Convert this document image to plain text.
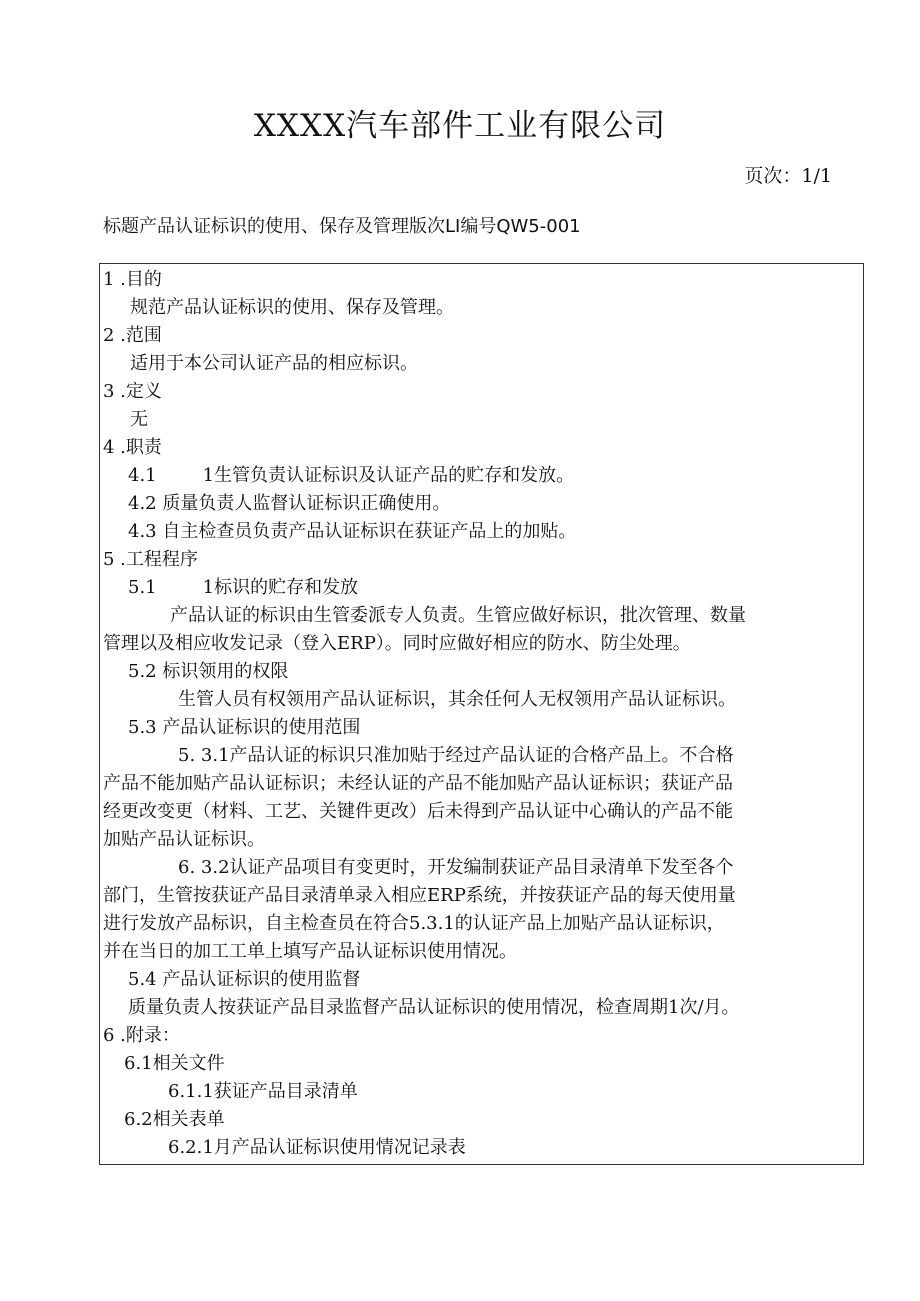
XXXX汽车部件工业有限公司
页次：1/1
标题产品认证标识的使用、保存及管理版次LI编号QW5-001
1 .目的
规范产品认证标识的使用、保存及管理。
2 .范围
适用于本公司认证产品的相应标识。
3 .定义
无
4 .职责
4.1	1生管负责认证标识及认证产品的贮存和发放。
4.2 质量负责人监督认证标识正确使用。
4.3 自主检查员负责产品认证标识在获证产品上的加贴。
5 .工程程序
5.1	1标识的贮存和发放
产品认证的标识由生管委派专人负责。生管应做好标识，批次管理、数量
管理以及相应收发记录（登入ERP）。同时应做好相应的防水、防尘处理。
5.2 标识领用的权限
生管人员有权领用产品认证标识，其余任何人无权领用产品认证标识。
5.3 产品认证标识的使用范围
5. 3.1产品认证的标识只准加贴于经过产品认证的合格产品上。不合格
产品不能加贴产品认证标识；未经认证的产品不能加贴产品认证标识；获证产品
经更改变更（材料、工艺、关键件更改）后未得到产品认证中心确认的产品不能
加贴产品认证标识。
6. 3.2认证产品项目有变更时，开发编制获证产品目录清单下发至各个
部门，生管按获证产品目录清单录入相应ERP系统，并按获证产品的每天使用量
进行发放产品标识，自主检查员在符合5.3.1的认证产品上加贴产品认证标识，
并在当日的加工工单上填写产品认证标识使用情况。
5.4 产品认证标识的使用监督
质量负责人按获证产品目录监督产品认证标识的使用情况，检查周期1次/月。
6 .附录：
6.1相关文件
6.1.1获证产品目录清单
6.2相关表单
6.2.1月产品认证标识使用情况记录表
